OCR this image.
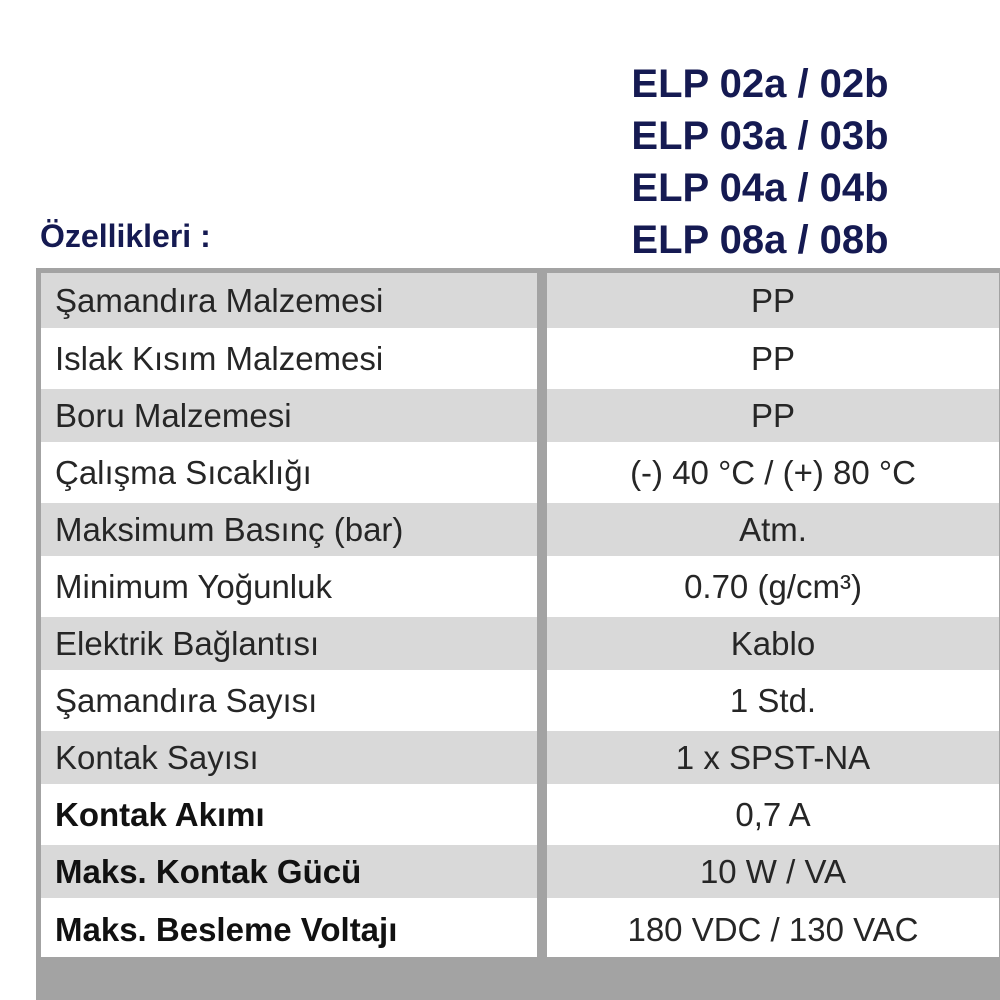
ELP 02a / 02b
ELP 03a / 03b
ELP 04a / 04b
ELP 08a / 08b
Özellikleri :
Şamandıra Malzemesi		PP
Islak Kısım Malzemesi		PP
Boru Malzemesi		PP
Çalışma Sıcaklığı		(-) 40 °C / (+) 80 °C
Maksimum Basınç (bar)		Atm.
Minimum Yoğunluk		0.70 (g/cm³)
Elektrik Bağlantısı		Kablo
Şamandıra Sayısı		1 Std.
Kontak Sayısı		1 x SPST-NA
Kontak Akımı		0,7 A
Maks. Kontak Gücü		10 W / VA
Maks. Besleme Voltajı		180 VDC / 130 VAC
